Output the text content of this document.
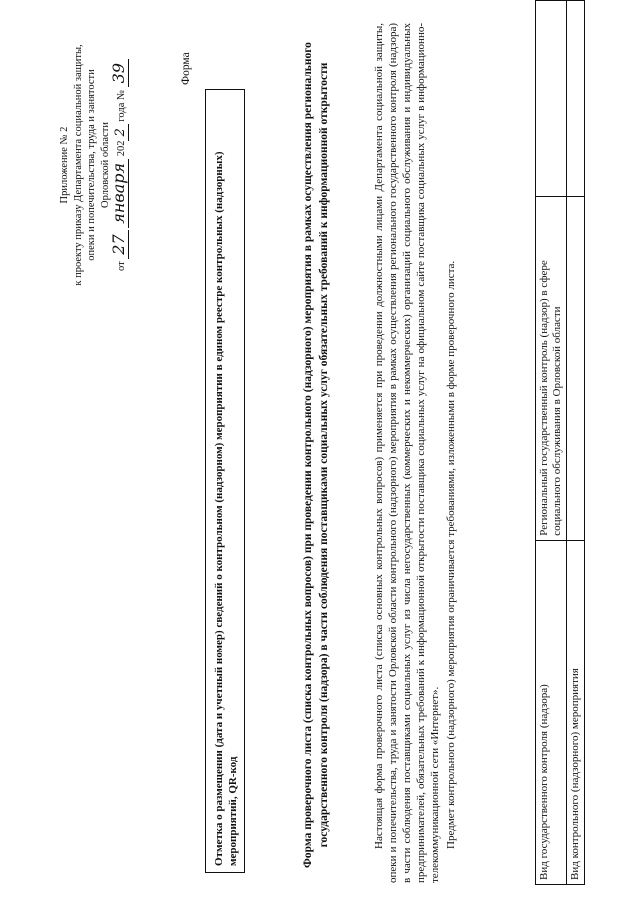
Приложение № 2 к проекту приказу Департамента социальной защиты, опеки и попечительства, труда и занятости Орловской области
от 27 января 2022 года № 39	Форма
Отметка о размещении (дата и учетный номер) сведений о контрольном (надзорном) мероприятии в едином реестре контрольных (надзорных) мероприятий, QR-код	Форма проверочного листа (списка контрольных вопросов) при проведении контрольного (надзорного) мероприятия в рамках осуществления регионального государственного контроля (надзора) в части соблюдения поставщиками социальных услуг обязательных требований к информационной открытости	Настоящая форма проверочного листа (списка основных контрольных вопросов) применяется при проведении должностными лицами Департамента социальной защиты, опеки и попечительства, труда и занятости Орловской области контрольного (надзорного) мероприятия в рамках осуществления регионального государственного контроля (надзора) в части соблюдения поставщиками социальных услуг из числа негосударственных (коммерческих и некоммерческих) организаций социального обслуживания и индивидуальных предпринимателей, обязательных требований к информационной открытости поставщика социальных услуг на официальном сайте поставщика социальных услуг в информационно-телекоммуникационной сети «Интернет». Предмет контрольного (надзорного) мероприятия ограничивается требованиями, изложенными в форме проверочного листа.	Вид государственного контроля (надзора)	Региональный государственный контроль (надзор) в сфере социального обслуживания в Орловской области	
Вид контрольного (надзорного) мероприятия		
